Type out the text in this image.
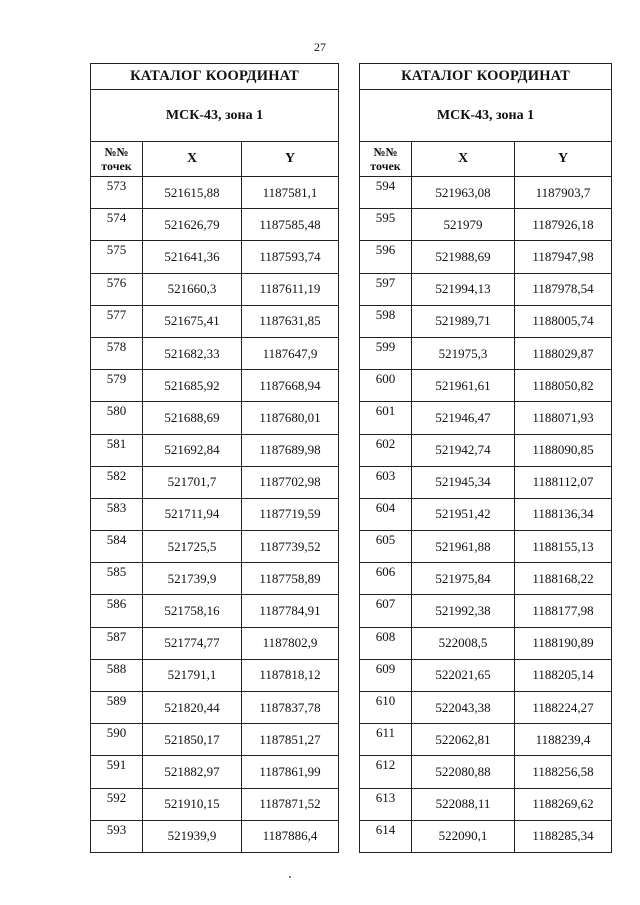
27
КАТАЛОГ КООРДИНАТ		
МСК-43, зона 1		
№№
точек	X	Y
573	521615,88	1187581,1
574	521626,79	1187585,48
575	521641,36	1187593,74
576	521660,3	1187611,19
577	521675,41	1187631,85
578	521682,33	1187647,9
579	521685,92	1187668,94
580	521688,69	1187680,01
581	521692,84	1187689,98
582	521701,7	1187702,98
583	521711,94	1187719,59
584	521725,5	1187739,52
585	521739,9	1187758,89
586	521758,16	1187784,91
587	521774,77	1187802,9
588	521791,1	1187818,12
589	521820,44	1187837,78
590	521850,17	1187851,27
591	521882,97	1187861,99
592	521910,15	1187871,52
593	521939,9	1187886,4
КАТАЛОГ КООРДИНАТ		
МСК-43, зона 1		
№№
точек	X	Y
594	521963,08	1187903,7
595	521979	1187926,18
596	521988,69	1187947,98
597	521994,13	1187978,54
598	521989,71	1188005,74
599	521975,3	1188029,87
600	521961,61	1188050,82
601	521946,47	1188071,93
602	521942,74	1188090,85
603	521945,34	1188112,07
604	521951,42	1188136,34
605	521961,88	1188155,13
606	521975,84	1188168,22
607	521992,38	1188177,98
608	522008,5	1188190,89
609	522021,65	1188205,14
610	522043,38	1188224,27
611	522062,81	1188239,4
612	522080,88	1188256,58
613	522088,11	1188269,62
614	522090,1	1188285,34
